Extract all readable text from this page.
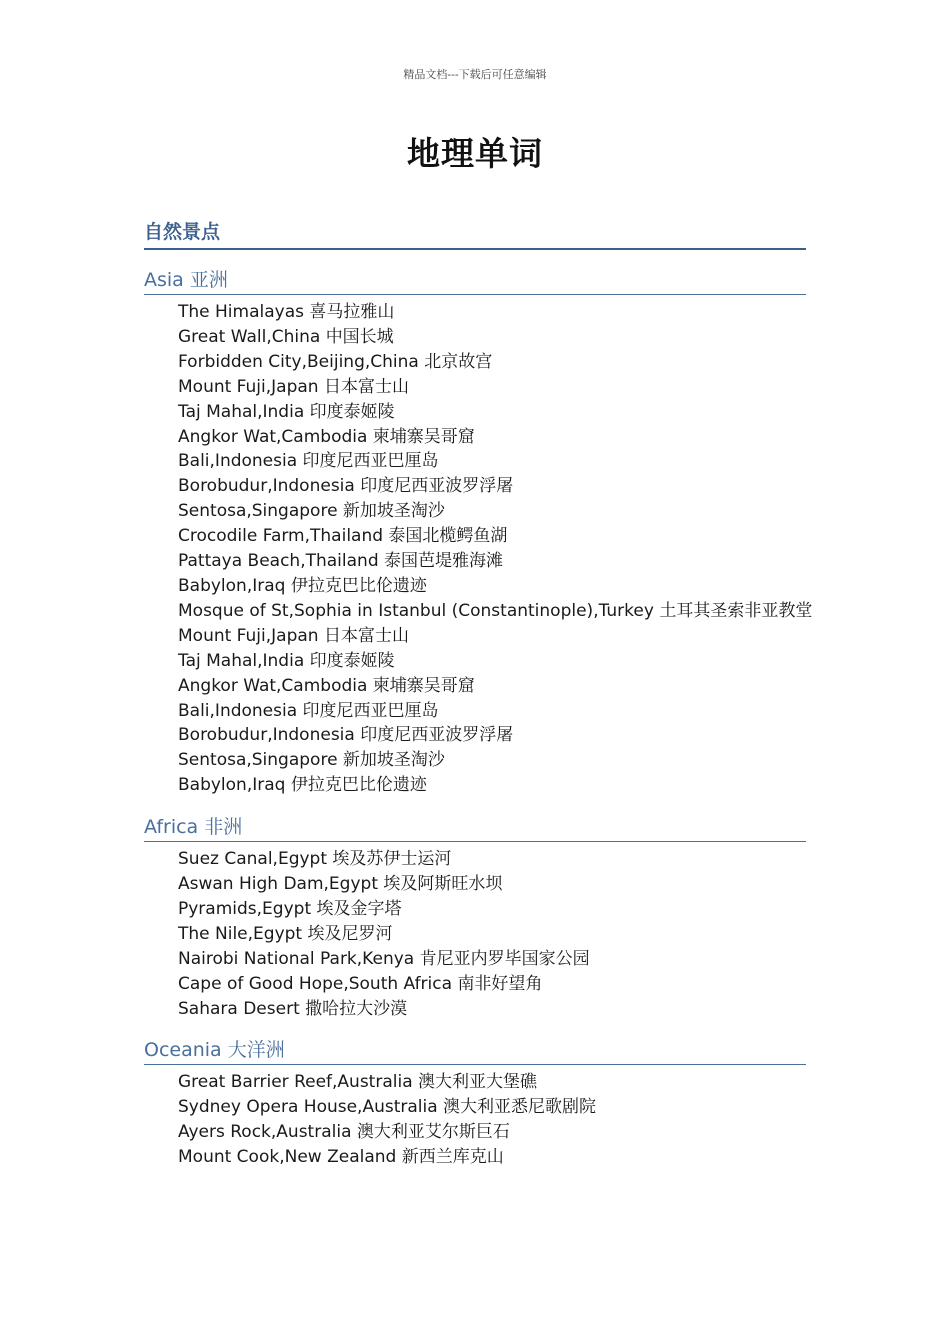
精品文档---下载后可任意编辑
地理单词
自然景点
Asia 亚洲
The Himalayas 喜马拉雅山
Great Wall,China 中国长城
Forbidden City,Beijing,China 北京故宫
Mount Fuji,Japan 日本富士山
Taj Mahal,India 印度泰姬陵
Angkor Wat,Cambodia 柬埔寨吴哥窟
Bali,Indonesia 印度尼西亚巴厘岛
Borobudur,Indonesia 印度尼西亚波罗浮屠
Sentosa,Singapore 新加坡圣淘沙
Crocodile Farm,Thailand 泰国北榄鳄鱼湖
Pattaya Beach,Thailand 泰国芭堤雅海滩
Babylon,Iraq 伊拉克巴比伦遗迹
Mosque of St,Sophia in Istanbul (Constantinople),Turkey 土耳其圣索非亚教堂
Mount Fuji,Japan 日本富士山
Taj Mahal,India 印度泰姬陵
Angkor Wat,Cambodia 柬埔寨吴哥窟
Bali,Indonesia 印度尼西亚巴厘岛
Borobudur,Indonesia 印度尼西亚波罗浮屠
Sentosa,Singapore 新加坡圣淘沙
Babylon,Iraq 伊拉克巴比伦遗迹
Africa 非洲
Suez Canal,Egypt 埃及苏伊士运河
Aswan High Dam,Egypt 埃及阿斯旺水坝
Pyramids,Egypt 埃及金字塔
The Nile,Egypt 埃及尼罗河
Nairobi National Park,Kenya 肯尼亚内罗毕国家公园
Cape of Good Hope,South Africa 南非好望角
Sahara Desert 撒哈拉大沙漠
Oceania 大洋洲
Great Barrier Reef,Australia 澳大利亚大堡礁
Sydney Opera House,Australia 澳大利亚悉尼歌剧院
Ayers Rock,Australia 澳大利亚艾尔斯巨石
Mount Cook,New Zealand 新西兰库克山
